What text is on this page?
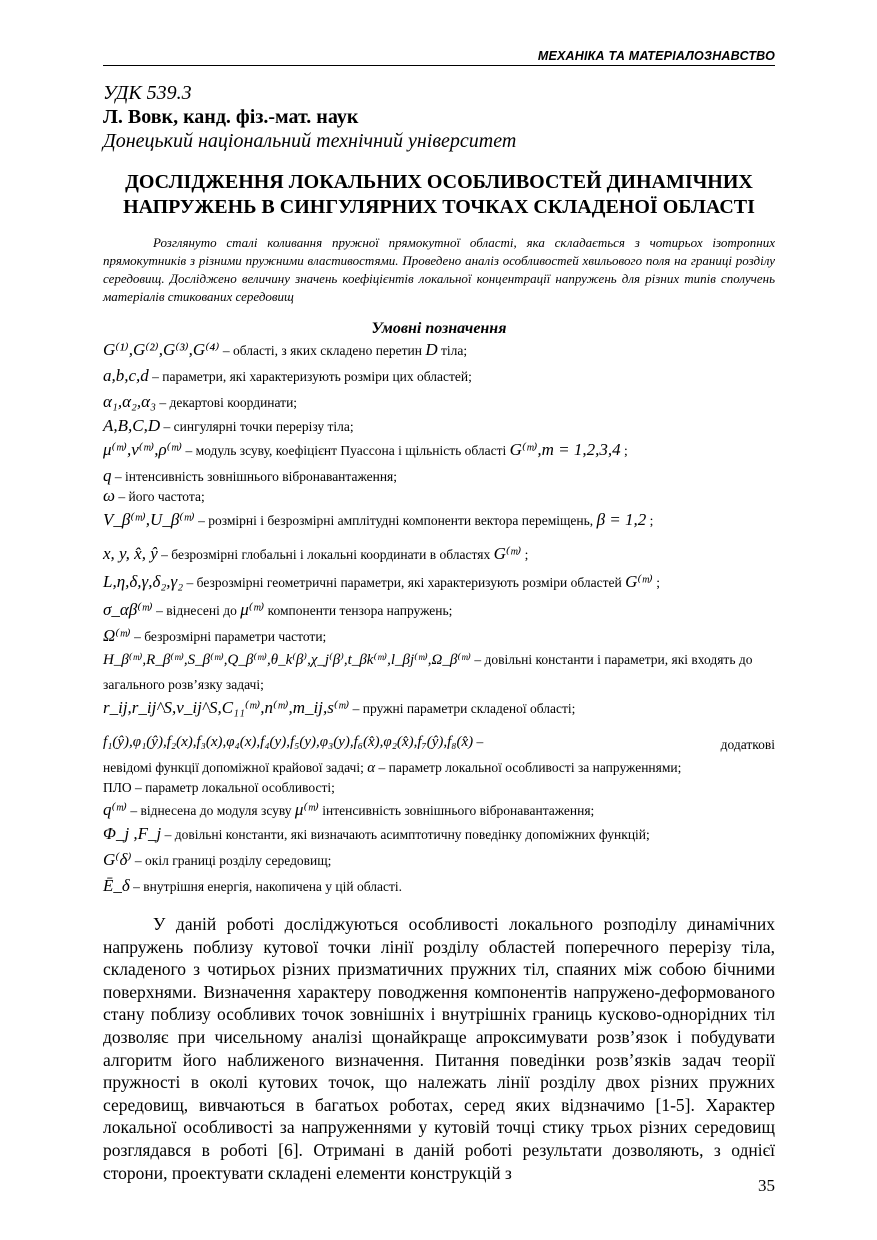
МЕХАНІКА ТА МАТЕРІАЛОЗНАВСТВО
УДК 539.3
Л. Вовк, канд. фіз.-мат. наук
Донецький національний технічний університет
ДОСЛІДЖЕННЯ ЛОКАЛЬНИХ ОСОБЛИВОСТЕЙ ДИНАМІЧНИХ
НАПРУЖЕНЬ В СИНГУЛЯРНИХ ТОЧКАХ СКЛАДЕНОЇ ОБЛАСТІ
Розглянуто сталі коливання пружної прямокутної області, яка складається з чотирьох ізотропних прямокутників з різними пружними властивостями. Проведено аналіз особливостей хвильового поля на границі розділу середовищ. Досліджено величину значень коефіцієнтів локальної концентрації напружень для різних типів сполучень матеріалів стикованих середовищ
Умовні позначення
G⁽¹⁾,G⁽²⁾,G⁽³⁾,G⁽⁴⁾ – області, з яких складено перетин D тіла;
a,b,c,d – параметри, які характеризують розміри цих областей;
α₁,α₂,α₃ – декартові координати;
A,B,C,D – сингулярні точки перерізу тіла;
μ⁽ᵐ⁾,ν⁽ᵐ⁾,ρ⁽ᵐ⁾ – модуль зсуву, коефіцієнт Пуассона і щільність області G⁽ᵐ⁾,m = 1,2,3,4 ;
q – інтенсивність зовнішнього вібронавантаження;
ω – його частота;
V_β⁽ᵐ⁾,U_β⁽ᵐ⁾ – розмірні і безрозмірні амплітудні компоненти вектора переміщень, β = 1,2 ;
x, y, x̂, ŷ – безрозмірні глобальні і локальні координати в областях G⁽ᵐ⁾ ;
L,η,δ,γ,δ₂,γ₂ – безрозмірні геометричні параметри, які характеризують розміри областей G⁽ᵐ⁾ ;
σ_αβ⁽ᵐ⁾ – віднесені до μ⁽ᵐ⁾ компоненти тензора напружень;
Ω⁽ᵐ⁾ – безрозмірні параметри частоти;
H_β⁽ᵐ⁾,R_β⁽ᵐ⁾,S_β⁽ᵐ⁾,Q_β⁽ᵐ⁾,θ_k⁽β⁾,χ_j⁽β⁾,t_βk⁽ᵐ⁾,l_βj⁽ᵐ⁾,Ω_β⁽ᵐ⁾ – довільні константи і параметри, які входять до
загального розв’язку задачі;
r_ij,r_ij^S,ν_ij^S,C₁₁⁽ᵐ⁾,n⁽ᵐ⁾,m_ij,s⁽ᵐ⁾ – пружні параметри складеної області;
f₁(ŷ),φ₁(ŷ),f₂(x),f₃(x),φ₄(x),f₄(y),f₅(y),φ₃(y),f₆(x̂),φ₂(x̂),f₇(ŷ),f₈(x̂) –	додаткові
невідомі функції допоміжної крайової задачі; α – параметр локальної особливості за напруженнями;
ПЛО – параметр локальної особливості;
q⁽ᵐ⁾ – віднесена до модуля зсуву μ⁽ᵐ⁾ інтенсивність зовнішнього вібронавантаження;
Φ_j ,F_j – довільні константи, які визначають асимптотичну поведінку допоміжних функцій;
G⁽δ⁾ – окіл границі розділу середовищ;
Ē_δ – внутрішня енергія, накопичена у цій області.
У даній роботі досліджуються особливості локального розподілу динамічних напружень поблизу кутової точки лінії розділу областей поперечного перерізу тіла, складеного з чотирьох різних призматичних пружних тіл, спаяних між собою бічними поверхнями. Визначення характеру поводження компонентів напружено-деформованого стану поблизу особливих точок зовнішніх і внутрішніх границь кусково-однорідних тіл дозволяє при чисельному аналізі щонайкраще апроксимувати розв’язок і побудувати алгоритм його наближеного визначення. Питання поведінки розв’язків задач теорії пружності в околі кутових точок, що належать лінії розділу двох різних пружних середовищ, вивчаються в багатьох роботах, серед яких відзначимо [1-5]. Характер локальної особливості за напруженнями у кутовій точці стику трьох різних середовищ розглядався в роботі [6]. Отримані в даній роботі результати дозволяють, з однієї сторони, проектувати складені елементи конструкцій з
35
